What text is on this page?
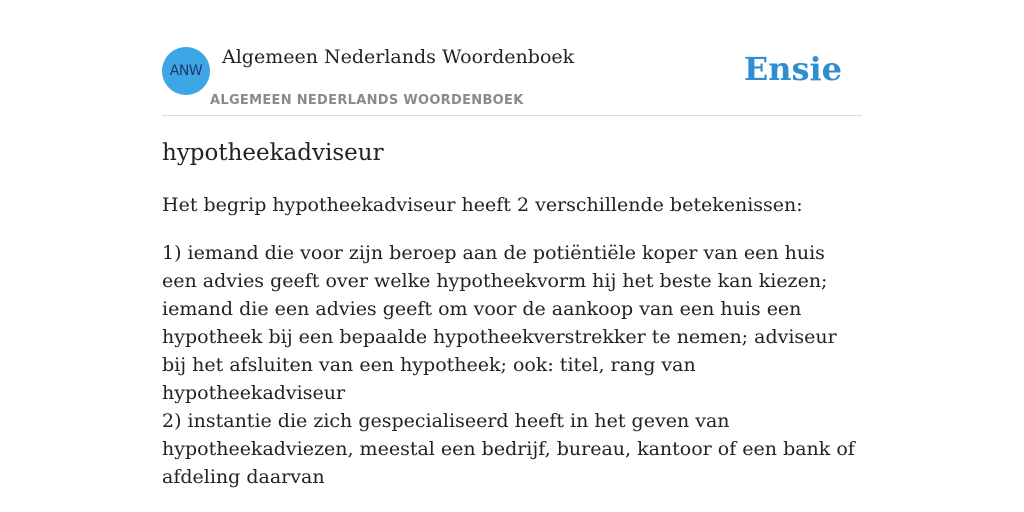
ANW
Algemeen Nederlands Woordenboek
ALGEMEEN NEDERLANDS WOORDENBOEK
Ensie
hypotheekadviseur
Het begrip hypotheekadviseur heeft 2 verschillende betekenissen:
1) iemand die voor zijn beroep aan de potiëntiële koper van een huis een advies geeft over welke hypotheekvorm hij het beste kan kiezen; iemand die een advies geeft om voor de aankoop van een huis een hypotheek bij een bepaalde hypotheekverstrekker te nemen; adviseur bij het afsluiten van een hypotheek; ook: titel, rang van hypotheekadviseur
2) instantie die zich gespecialiseerd heeft in het geven van hypotheekadviezen, meestal een bedrijf, bureau, kantoor of een bank of afdeling daarvan
